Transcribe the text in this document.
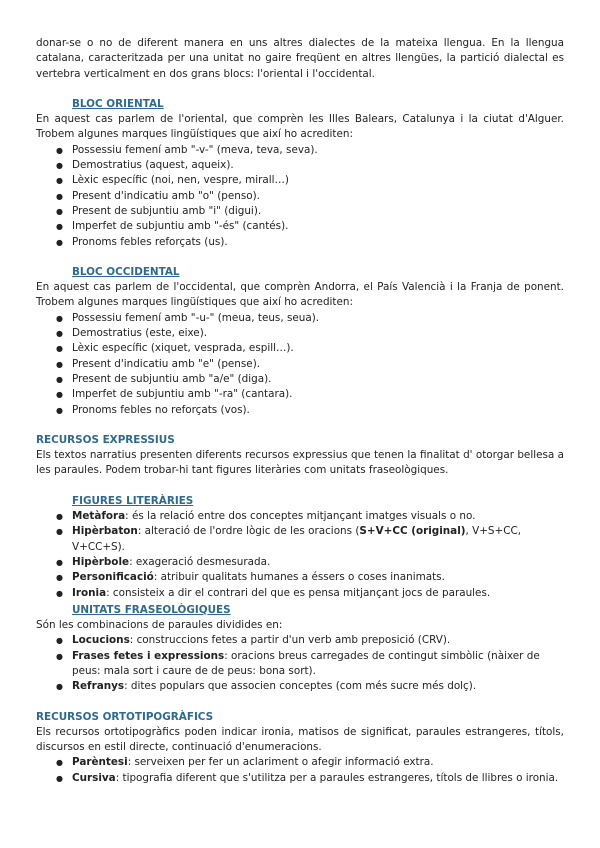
donar-se o no de diferent manera en uns altres dialectes de la mateixa llengua. En la llengua catalana, caracteritzada per una unitat no gaire freqüent en altres llengües, la partició dialectal es vertebra verticalment en dos grans blocs: l'oriental i l'occidental.

BLOC ORIENTAL

En aquest cas parlem de l'oriental, que comprèn les Illes Balears, Catalunya i la ciutat d'Alguer. Trobem algunes marques lingüístiques que així ho acrediten:

● Possessiu femení amb "-v-" (meva, teva, seva).
● Demostratius (aquest, aqueix).
● Lèxic específic (noi, nen, vespre, mirall…)
● Present d'indicatiu amb "o" (penso).
● Present de subjuntiu amb "i" (digui).
● Imperfet de subjuntiu amb "-és" (cantés).
● Pronoms febles reforçats (us).
BLOC OCCIDENTAL

En aquest cas parlem de l'occidental, que comprèn Andorra, el País Valencià i la Franja de ponent. Trobem algunes marques lingüístiques que així ho acrediten:

● Possessiu femení amb "-u-" (meua, teus, seua).
● Demostratius (este, eixe).
● Lèxic específic (xiquet, vesprada, espill…).
● Present d'indicatiu amb "e" (pense).
● Present de subjuntiu amb "a/e" (diga).
● Imperfet de subjuntiu amb "-ra" (cantara).
● Pronoms febles no reforçats (vos).
RECURSOS EXPRESSIUS

Els textos narratius presenten diferents recursos expressius que tenen la finalitat d' otorgar bellesa a les paraules. Podem trobar-hi tant figures literàries com unitats fraseològiques.

FIGURES LITERÀRIES
● Metàfora: és la relació entre dos conceptes mitjançant imatges visuals o no.
● Hipèrbaton: alteració de l'ordre lògic de les oracions (S+V+CC (original), V+S+CC, V+CC+S).
● Hipèrbole: exageració desmesurada.
● Personificació: atribuir qualitats humanes a éssers o coses inanimats.
● Ironia: consisteix a dir el contrari del que es pensa mitjançant jocs de paraules.
UNITATS FRASEOLÒGIQUES

Són les combinacions de paraules dividides en:

● Locucions: construccions fetes a partir d'un verb amb preposició (CRV).
● Frases fetes i expressions: oracions breus carregades de contingut simbòlic (nàixer de peus: mala sort i caure de de peus: bona sort).
● Refranys: dites populars que associen conceptes (com més sucre més dolç).
RECURSOS ORTOTIPOGRÀFICS

Els recursos ortotipogràfics poden indicar ironia, matisos de significat, paraules estrangeres, títols, discursos en estil directe, continuació d'enumeracions.

● Parèntesi: serveixen per fer un aclariment o afegir informació extra.
● Cursiva: tipografia diferent que s'utilitza per a paraules estrangeres, títols de llibres o ironia.
